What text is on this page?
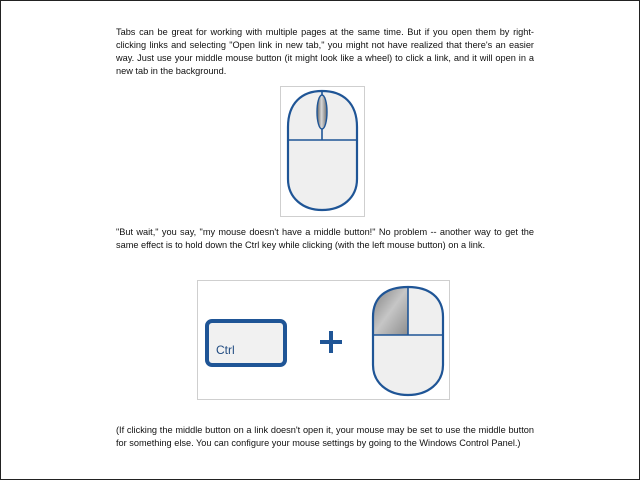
Tabs can be great for working with multiple pages at the same time. But if you open them by right-clicking links and selecting "Open link in new tab," you might not have realized that there's an easier way. Just use your middle mouse button (it might look like a wheel) to click a link, and it will open in a new tab in the background.

"But wait," you say, "my mouse doesn't have a middle button!" No problem -- another way to get the same effect is to hold down the Ctrl key while clicking (with the left mouse button) on a link.

Ctrl

(If clicking the middle button on a link doesn't open it, your mouse may be set to use the middle button for something else. You can configure your mouse settings by going to the Windows Control Panel.)
